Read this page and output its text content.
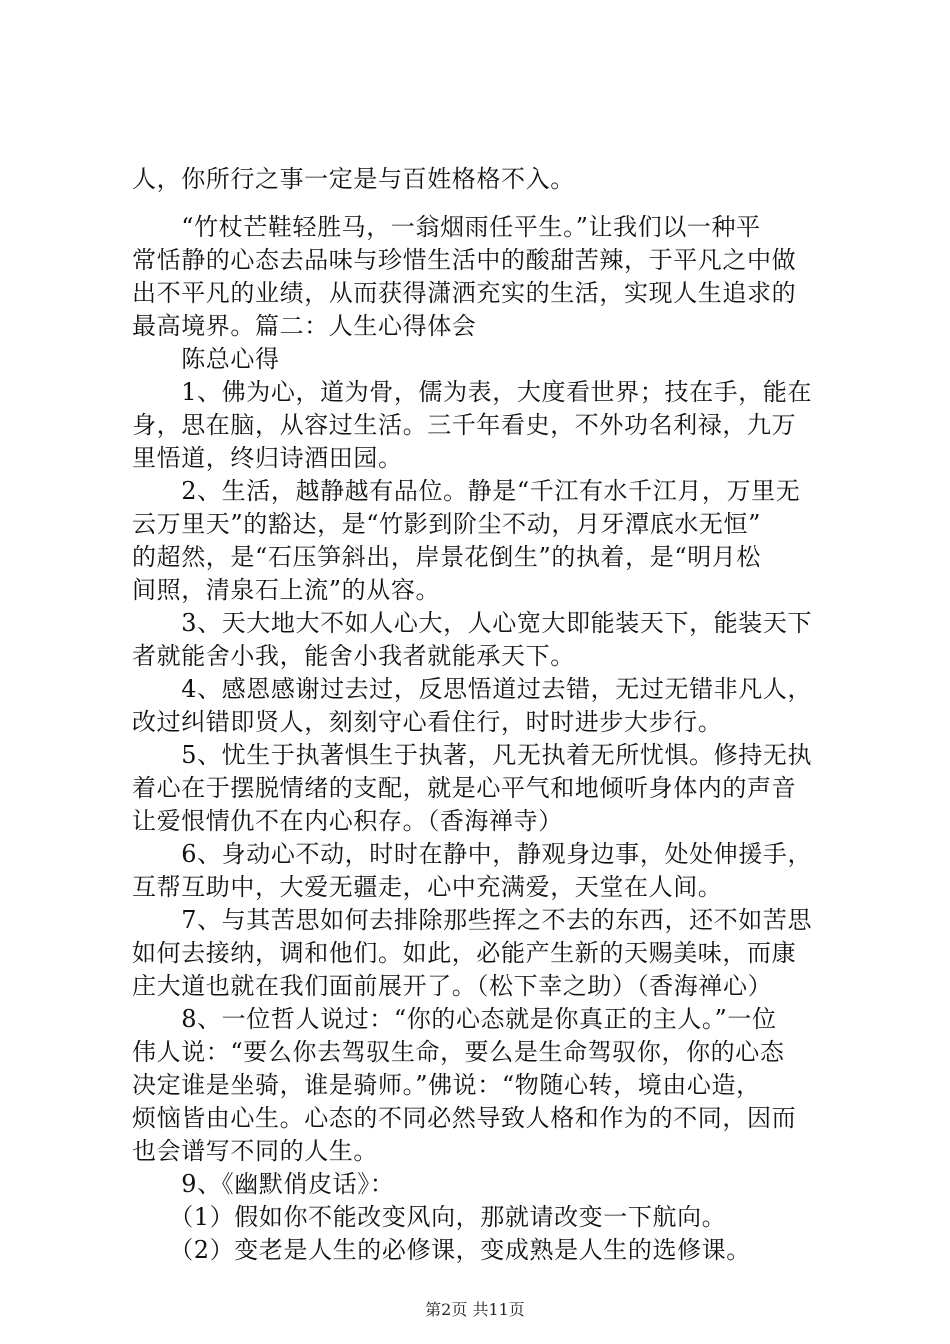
人，你所行之事一定是与百姓格格不入。
　　“竹杖芒鞋轻胜马，一翁烟雨任平生。”让我们以一种平
常恬静的心态去品味与珍惜生活中的酸甜苦辣，于平凡之中做
出不平凡的业绩，从而获得潇洒充实的生活，实现人生追求的
最高境界。篇二：人生心得体会
　　陈总心得
　　1、佛为心，道为骨，儒为表，大度看世界；技在手，能在
身，思在脑，从容过生活。三千年看史，不外功名利禄，九万
里悟道，终归诗酒田园。
　　2、生活，越静越有品位。静是“千江有水千江月，万里无
云万里天”的豁达，是“竹影到阶尘不动，月牙潭底水无恒”
的超然，是“石压笋斜出，岸景花倒生”的执着，是“明月松
间照，清泉石上流”的从容。
　　3、天大地大不如人心大，人心宽大即能装天下，能装天下
者就能舍小我，能舍小我者就能承天下。
　　4、感恩感谢过去过，反思悟道过去错，无过无错非凡人，
改过纠错即贤人，刻刻守心看住行，时时进步大步行。
　　5、忧生于执著惧生于执著，凡无执着无所忧惧。修持无执
着心在于摆脱情绪的支配，就是心平气和地倾听身体内的声音
让爱恨情仇不在内心积存。（香海禅寺）
　　6、身动心不动，时时在静中，静观身边事，处处伸援手，
互帮互助中，大爱无疆走，心中充满爱，天堂在人间。
　　7、与其苦思如何去排除那些挥之不去的东西，还不如苦思
如何去接纳，调和他们。如此，必能产生新的天赐美味，而康
庄大道也就在我们面前展开了。（松下幸之助）（香海禅心）
　　8、一位哲人说过：“你的心态就是你真正的主人。”一位
伟人说：“要么你去驾驭生命，要么是生命驾驭你，你的心态
决定谁是坐骑，谁是骑师。”佛说：“物随心转，境由心造，
烦恼皆由心生。心态的不同必然导致人格和作为的不同，因而
也会谱写不同的人生。
　　9、《幽默俏皮话》：
　　（1）假如你不能改变风向，那就请改变一下航向。
　　（2）变老是人生的必修课，变成熟是人生的选修课。
第2页 共11页
